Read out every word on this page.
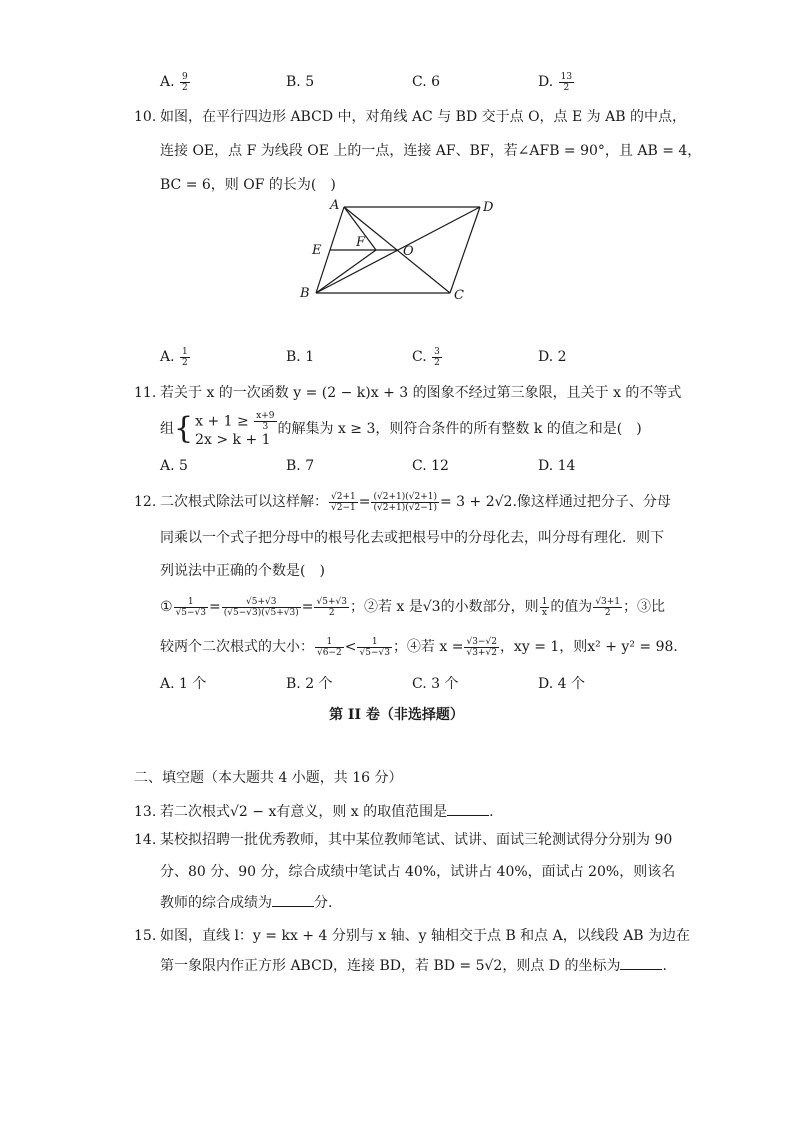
A. $\frac{9}{2}$	B. 5	C. 6	D. $\frac{13}{2}$
10. 如图，在平行四边形 ABCD 中，对角线 AC 与 BD 交于点 O，点 E 为 AB 的中点，
连接 OE，点 F 为线段 OE 上的一点，连接 AF、BF，若∠AFB = 90°，且 AB = 4，
BC = 6，则 OF 的长为(　)
A	D
B	C
E
F
O
A. $\frac{1}{2}$	B. 1	C. $\frac{3}{2}$	D. 2
11. 若关于 x 的一次函数 y = (2 − k)x + 3 的图象不经过第三象限，且关于 x 的不等式
组{ $x + 1 \ge \frac{x+9}{3}$
2x > k + 1
的解集为 x ≥ 3，则符合条件的所有整数 k 的值之和是(　)
A. 5	B. 7	C. 12	D. 14
12. 二次根式除法可以这样解： $\frac{√2+1}{√2-1} = \frac{(√2+1)(√2+1)}{(√2+1)(√2-1)} = 3 + 2√2$.像这样通过把分子、分母
同乘以一个式子把分母中的根号化去或把根号中的分母化去，叫分母有理化．则下
列说法中正确的个数是(　)
① $\frac{1}{√5-√3} = \frac{√5+√3}{(√5-√3)(√5+√3)} = \frac{√5+√3}{2}$ ；②若 x 是√3的小数部分，则 $\frac{1}{x}$ 的值为 $\frac{√3+1}{2}$ ；③比
较两个二次根式的大小： $\frac{1}{√6-2} < \frac{1}{√5-√3}$ ；④若 $x = \frac{√3-√2}{√3+√2}$ ，xy = 1，则x² + y² = 98．
A. 1 个	B. 2 个	C. 3 个	D. 4 个
第 II 卷（非选择题）
二、填空题（本大题共 4 小题，共 16 分）
13. 若二次根式√2 − x有意义，则 x 的取值范围是	.
14. 某校拟招聘一批优秀教师，其中某位教师笔试、试讲、面试三轮测试得分分别为 90
分、80 分、90 分，综合成绩中笔试占 40%，试讲占 40%，面试占 20%，则该名
教师的综合成绩为	分.
15. 如图，直线 l：y = kx + 4 分别与 x 轴、y 轴相交于点 B 和点 A，以线段 AB 为边在
第一象限内作正方形 ABCD，连接 BD，若 BD = 5√2，则点 D 的坐标为	.
